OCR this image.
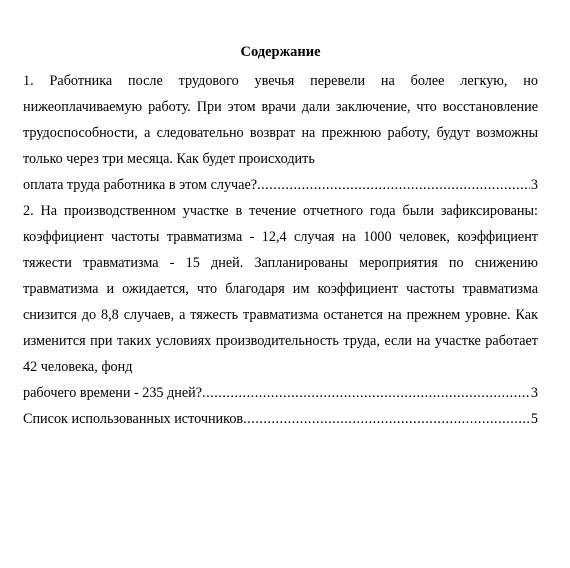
Содержание
1. Работника после трудового увечья перевели на более легкую, но нижеоплачиваемую работу. При этом врачи дали заключение, что восстановление трудоспособности, а следовательно возврат на прежнюю работу, будут возможны только через три месяца. Как будет происходить
оплата труда работника в этом случае? .....	3
2. На производственном участке в течение отчетного года были зафиксированы: коэффициент частоты травматизма - 12,4 случая на 1000 человек, коэффициент тяжести травматизма - 15 дней. Запланированы мероприятия по снижению травматизма и ожидается, что благодаря им коэффициент частоты травматизма снизится до 8,8 случаев, а тяжесть травматизма останется на прежнем уровне. Как изменится при таких условиях производительность труда, если на участке работает 42 человека, фонд
рабочего времени - 235 дней? .....	3
Список использованных источников .....	5
